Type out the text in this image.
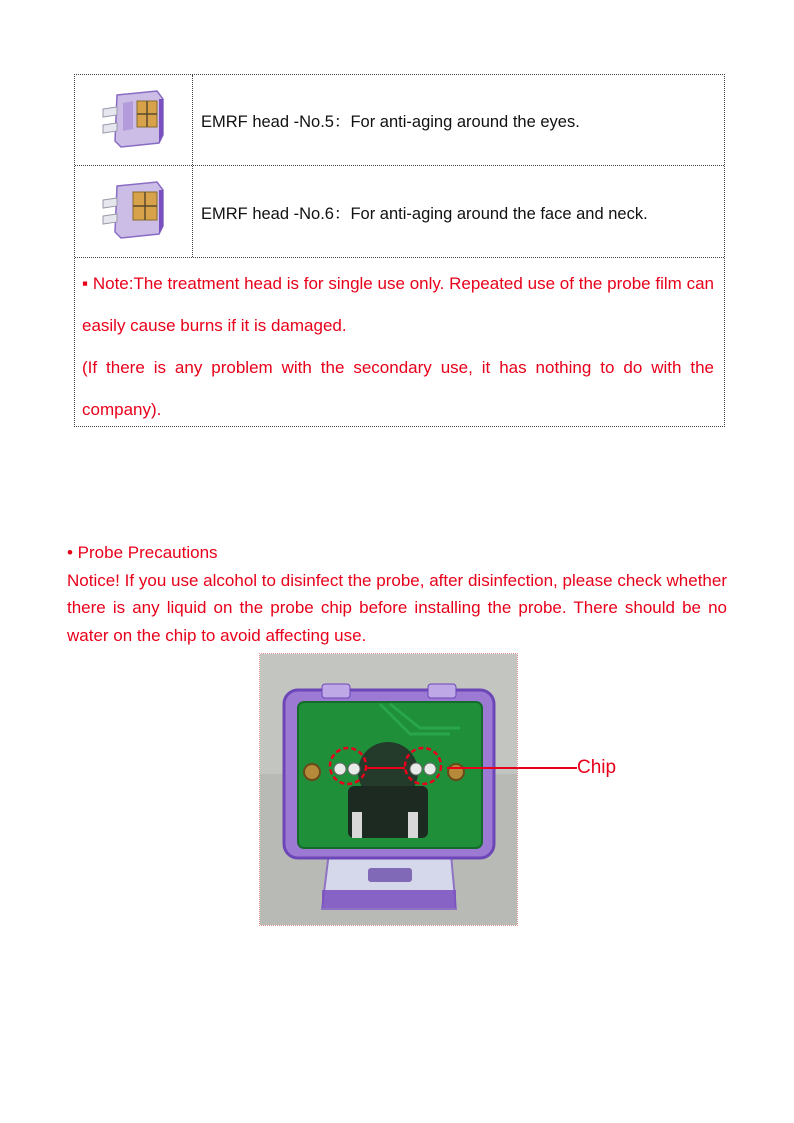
EMRF head -No.5：For anti-aging around the eyes.
EMRF head -No.6：For anti-aging around the face and neck.

▪ Note:The treatment head is for single use only. Repeated use of the probe film can easily cause burns if it is damaged.

(If there is any problem with the secondary use, it has nothing to do with the company).

• Probe Precautions

Notice! If you use alcohol to disinfect the probe, after disinfection, please check whether there is any liquid on the probe chip before installing the probe. There should be no water on the chip to avoid affecting use.

Chip
